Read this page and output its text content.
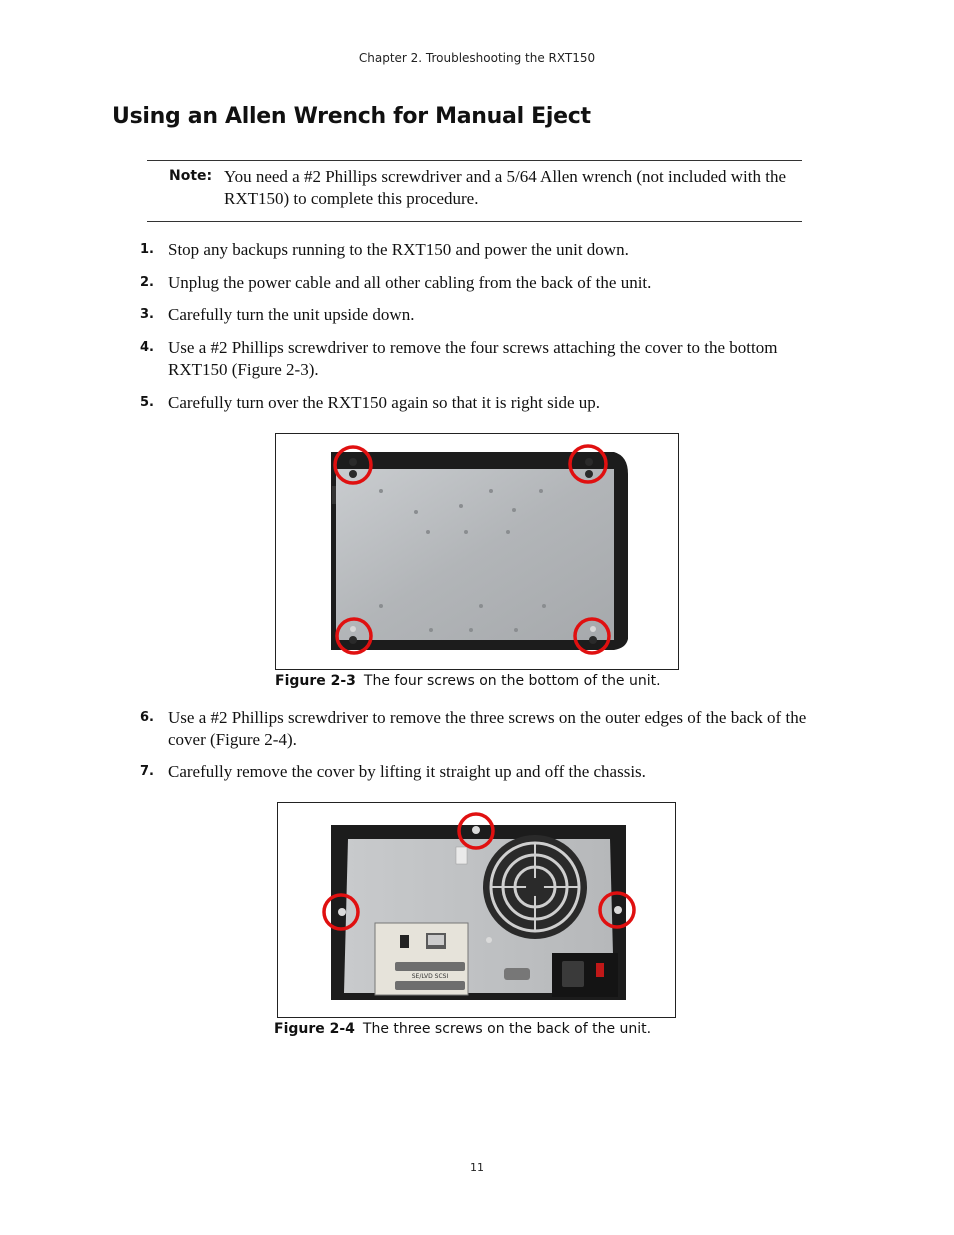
Chapter 2. Troubleshooting the RXT150
Using an Allen Wrench for Manual Eject
Note: You need a #2 Phillips screwdriver and a 5/64 Allen wrench (not included with the RXT150) to complete this procedure.
1. Stop any backups running to the RXT150 and power the unit down.
2. Unplug the power cable and all other cabling from the back of the unit.
3. Carefully turn the unit upside down.
4. Use a #2 Phillips screwdriver to remove the four screws attaching the cover to the bottom RXT150 (Figure 2-3).
5. Carefully turn over the RXT150 again so that it is right side up.
Figure 2-3 The four screws on the bottom of the unit.
6. Use a #2 Phillips screwdriver to remove the three screws on the outer edges of the back of the cover (Figure 2-4).
7. Carefully remove the cover by lifting it straight up and off the chassis.
SE/LVD SCSI
Figure 2-4 The three screws on the back of the unit.
11
